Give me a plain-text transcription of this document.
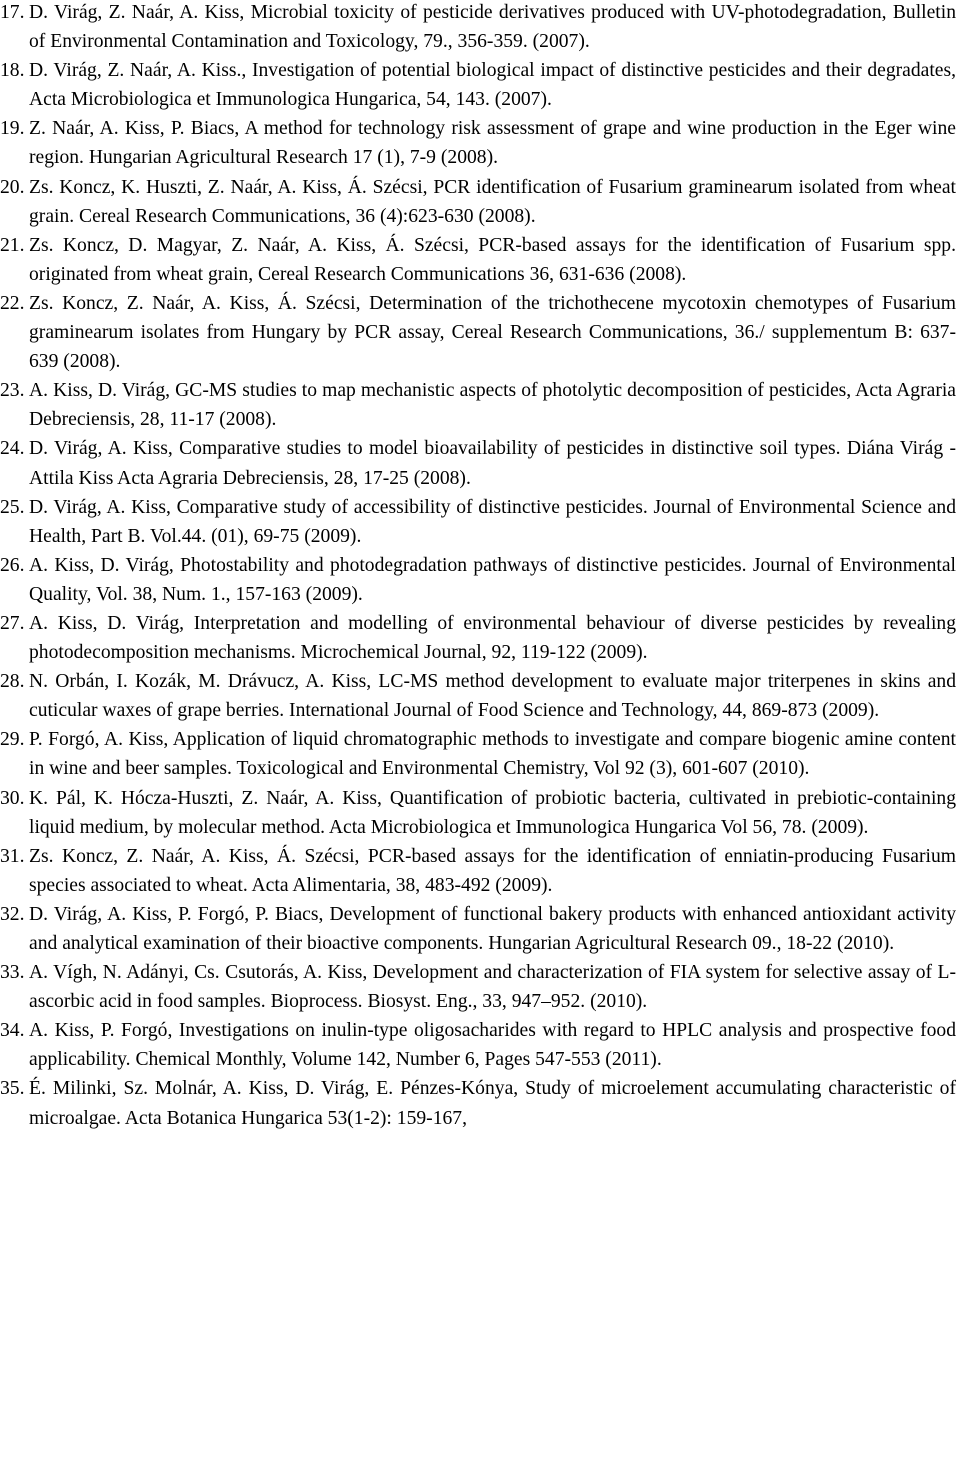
17. D. Virág, Z. Naár, A. Kiss, Microbial toxicity of pesticide derivatives produced with UV-photodegradation, Bulletin of Environmental Contamination and Toxicology, 79., 356-359. (2007).
18. D. Virág, Z. Naár, A. Kiss., Investigation of potential biological impact of distinctive pesticides and their degradates, Acta Microbiologica et Immunologica Hungarica, 54, 143. (2007).
19. Z. Naár, A. Kiss, P. Biacs, A method for technology risk assessment of grape and wine production in the Eger wine region. Hungarian Agricultural Research 17 (1), 7-9 (2008).
20. Zs. Koncz, K. Huszti, Z. Naár, A. Kiss, Á. Szécsi, PCR identification of Fusarium graminearum isolated from wheat grain. Cereal Research Communications, 36 (4):623-630 (2008).
21. Zs. Koncz, D. Magyar, Z. Naár, A. Kiss, Á. Szécsi, PCR-based assays for the identification of Fusarium spp. originated from wheat grain, Cereal Research Communications 36, 631-636 (2008).
22. Zs. Koncz, Z. Naár, A. Kiss, Á. Szécsi, Determination of the trichothecene mycotoxin chemotypes of Fusarium graminearum isolates from Hungary by PCR assay, Cereal Research Communications, 36./ supplementum B: 637-639 (2008).
23. A. Kiss, D. Virág, GC-MS studies to map mechanistic aspects of photolytic decomposition of pesticides, Acta Agraria Debreciensis, 28, 11-17 (2008).
24. D. Virág, A. Kiss, Comparative studies to model bioavailability of pesticides in distinctive soil types. Diána Virág - Attila Kiss Acta Agraria Debreciensis, 28, 17-25 (2008).
25. D. Virág, A. Kiss, Comparative study of accessibility of distinctive pesticides. Journal of Environmental Science and Health, Part B. Vol.44. (01), 69-75 (2009).
26. A. Kiss, D. Virág, Photostability and photodegradation pathways of distinctive pesticides. Journal of Environmental Quality, Vol. 38, Num. 1., 157-163 (2009).
27. A. Kiss, D. Virág, Interpretation and modelling of environmental behaviour of diverse pesticides by revealing photodecomposition mechanisms. Microchemical Journal, 92, 119-122 (2009).
28. N. Orbán, I. Kozák, M. Drávucz, A. Kiss, LC-MS method development to evaluate major triterpenes in skins and cuticular waxes of grape berries. International Journal of Food Science and Technology, 44, 869-873 (2009).
29. P. Forgó, A. Kiss, Application of liquid chromatographic methods to investigate and compare biogenic amine content in wine and beer samples. Toxicological and Environmental Chemistry, Vol 92 (3), 601-607 (2010).
30. K. Pál, K. Hócza-Huszti, Z. Naár, A. Kiss, Quantification of probiotic bacteria, cultivated in prebiotic-containing liquid medium, by molecular method. Acta Microbiologica et Immunologica Hungarica Vol 56, 78. (2009).
31. Zs. Koncz, Z. Naár, A. Kiss, Á. Szécsi, PCR-based assays for the identification of enniatin-producing Fusarium species associated to wheat. Acta Alimentaria, 38, 483-492 (2009).
32. D. Virág, A. Kiss, P. Forgó, P. Biacs, Development of functional bakery products with enhanced antioxidant activity and analytical examination of their bioactive components. Hungarian Agricultural Research 09., 18-22 (2010).
33. A. Vígh, N. Adányi, Cs. Csutorás, A. Kiss, Development and characterization of FIA system for selective assay of L-ascorbic acid in food samples. Bioprocess. Biosyst. Eng., 33, 947–952. (2010).
34. A. Kiss, P. Forgó, Investigations on inulin-type oligosacharides with regard to HPLC analysis and prospective food applicability. Chemical Monthly, Volume 142, Number 6, Pages 547-553 (2011).
35. É. Milinki, Sz. Molnár, A. Kiss, D. Virág, E. Pénzes-Kónya, Study of microelement accumulating characteristic of microalgae. Acta Botanica Hungarica 53(1-2): 159-167,
